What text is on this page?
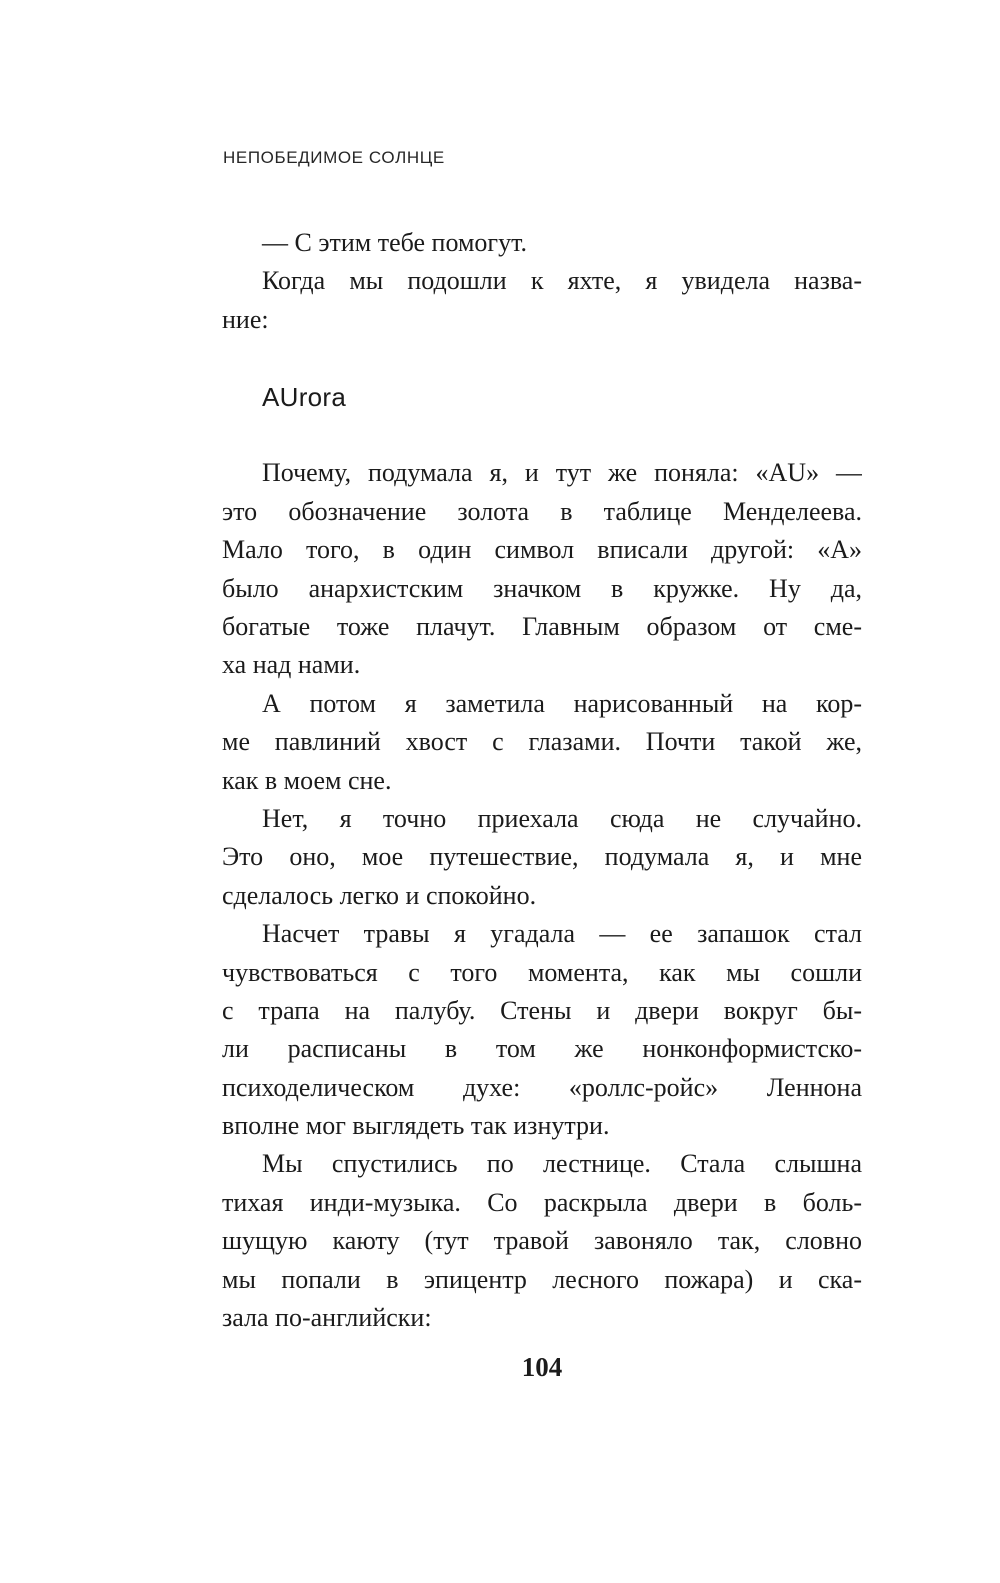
НЕПОБЕДИМОЕ СОЛНЦЕ
— С этим тебе помогут.
Когда мы подошли к яхте, я увидела назва-
ние:
AUrora
Почему, подумала я, и тут же поняла: «AU» —
это обозначение золота в таблице Менделеева.
Мало того, в один символ вписали другой: «А»
было анархистским значком в кружке. Ну да,
богатые тоже плачут. Главным образом от сме-
ха над нами.
А потом я заметила нарисованный на кор-
ме павлиний хвост с глазами. Почти такой же,
как в моем сне.
Нет, я точно приехала сюда не случайно.
Это оно, мое путешествие, подумала я, и мне
сделалось легко и спокойно.
Насчет травы я угадала — ее запашок стал
чувствоваться с того момента, как мы сошли
с трапа на палубу. Стены и двери вокруг бы-
ли расписаны в том же нонконформистско-
психоделическом духе: «роллс-ройс» Леннона
вполне мог выглядеть так изнутри.
Мы спустились по лестнице. Стала слышна
тихая инди-музыка. Со раскрыла двери в боль-
шущую каюту (тут травой завоняло так, словно
мы попали в эпицентр лесного пожара) и ска-
зала по-английски:
104
